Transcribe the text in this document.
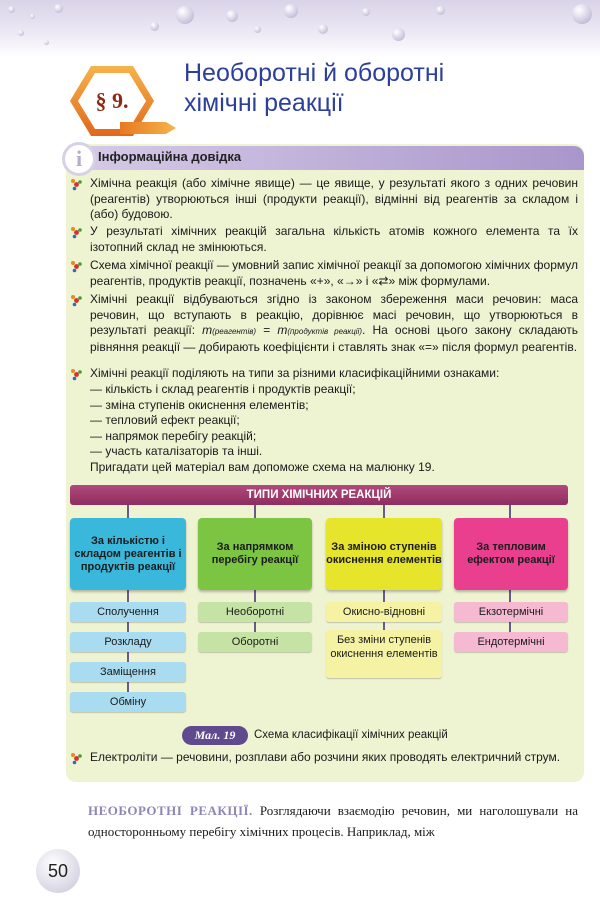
§ 9.
Необоротні й оборотні
хімічні реакції
i	Інформаційна довідка
Хімічна реакція (або хімічне явище) — це явище, у результаті якого з одних речовин (реагентів) утворюються інші (продукти реакції), відмінні від реагентів за складом і (або) будовою.
У результаті хімічних реакцій загальна кількість атомів кожного елемента та їх ізотопний склад не змінюються.
Схема хімічної реакції — умовний запис хімічної реакції за допомогою хімічних формул реагентів, продуктів реакції, позначень «+», «→» і «⇄» між формулами.
Хімічні реакції відбуваються згідно із законом збереження маси речовин: маса речовин, що вступають в реакцію, дорівнює масі речовин, що утворюються в результаті реакції: m(реагентів) = m(продуктів реакції). На основі цього закону складають рівняння реакції — добирають коефіцієнти і ставлять знак «=» після формул реагентів.
Хімічні реакції поділяють на типи за різними класифікаційними ознаками:
— кількість і склад реагентів і продуктів реакції;
— зміна ступенів окиснення елементів;
— тепловий ефект реакції;
— напрямок перебігу реакцій;
— участь каталізаторів та інші.
Пригадати цей матеріал вам допоможе схема на малюнку 19.
ТИПИ ХІМІЧНИХ РЕАКЦІЙ
За кількістю і складом реагентів і продуктів реакції
За напрямком перебігу реакції
За зміною ступенів окиснення елементів
За тепловим ефектом реакції
Сполучення
Розкладу
Заміщення
Обміну
Необоротні
Оборотні
Окисно-відновні
Без зміни ступенів окиснення елементів
Екзотермічні
Ендотермічні
Мал. 19	Схема класифікації хімічних реакцій
Електроліти — речовини, розплави або розчини яких проводять електричний струм.
НЕОБОРОТНІ РЕАКЦІЇ. Розглядаючи взаємодію речовин, ми наголошували на односторонньому перебігу хімічних процесів. Наприклад, між
50
